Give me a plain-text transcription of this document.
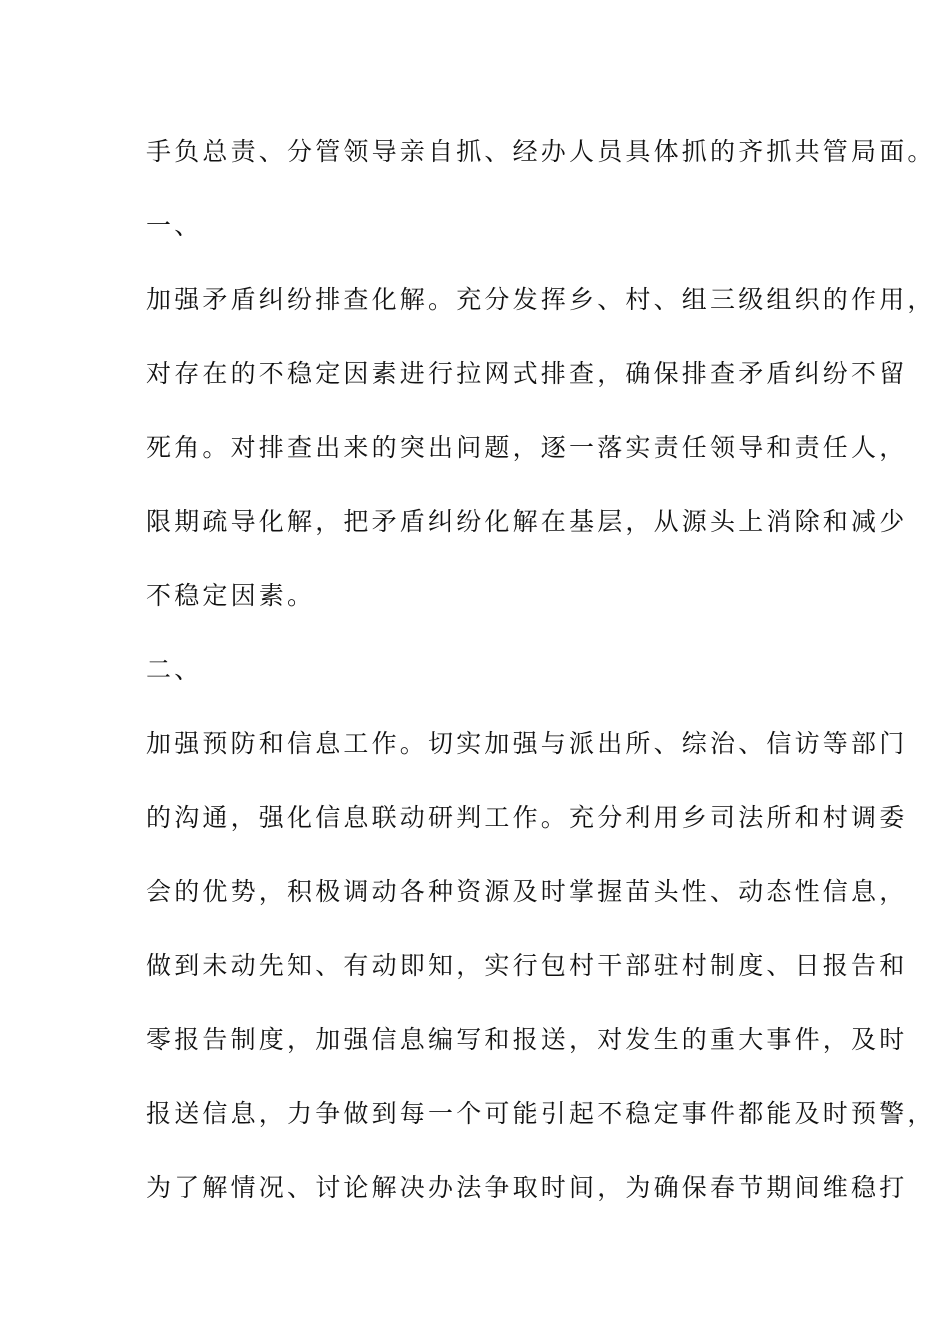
手负总责、分管领导亲自抓、经办人员具体抓的齐抓共管局面。
一、
加强矛盾纠纷排查化解。充分发挥乡、村、组三级组织的作用，
对存在的不稳定因素进行拉网式排查，确保排查矛盾纠纷不留
死角。对排查出来的突出问题，逐一落实责任领导和责任人，
限期疏导化解，把矛盾纠纷化解在基层，从源头上消除和减少
不稳定因素。
二、
加强预防和信息工作。切实加强与派出所、综治、信访等部门
的沟通，强化信息联动研判工作。充分利用乡司法所和村调委
会的优势，积极调动各种资源及时掌握苗头性、动态性信息，
做到未动先知、有动即知，实行包村干部驻村制度、日报告和
零报告制度，加强信息编写和报送，对发生的重大事件，及时
报送信息，力争做到每一个可能引起不稳定事件都能及时预警，
为了解情况、讨论解决办法争取时间，为确保春节期间维稳打
